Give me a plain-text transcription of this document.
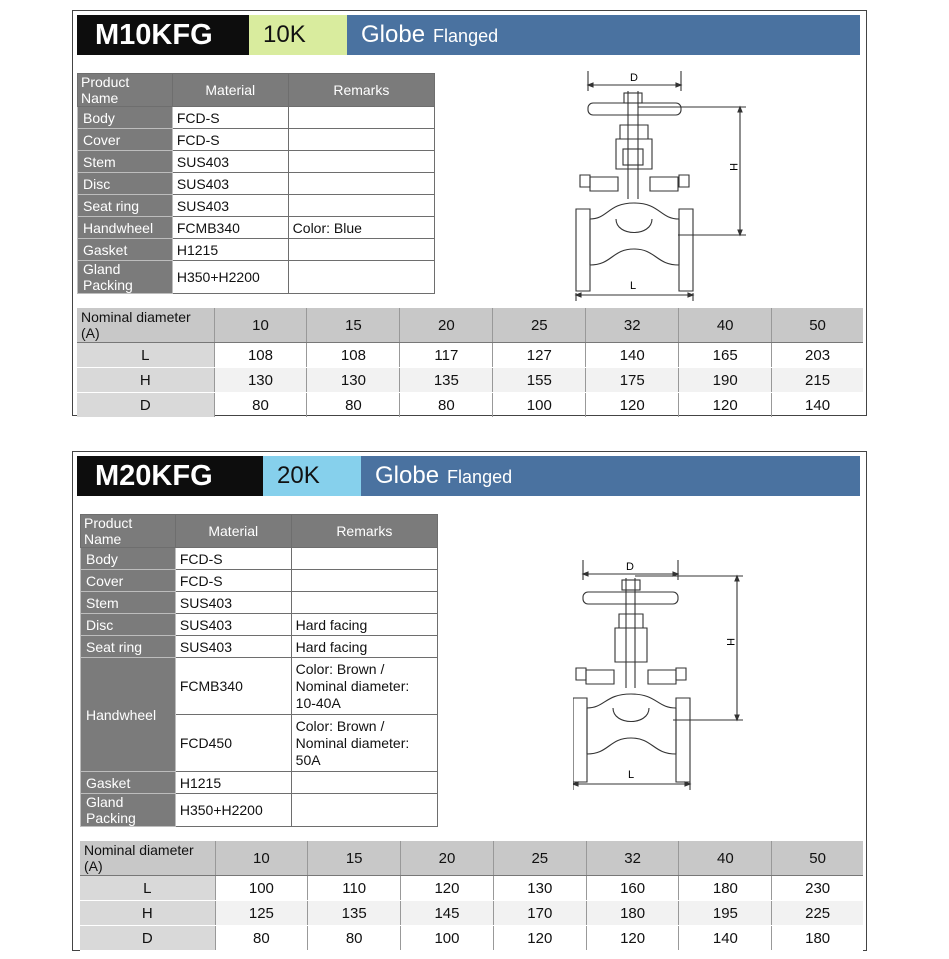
M10KFG	10K	Globe Flanged
Product Name	Material	Remarks
Body	FCD-S	
Cover	FCD-S	
Stem	SUS403	
Disc	SUS403	
Seat ring	SUS403	
Handwheel	FCMB340	Color: Blue
Gasket	H1215	
Gland Packing	H350+H2200	
D
H
L
Nominal diameter (A)	10	15	20	25	32	40	50
L	108	108	117	127	140	165	203
H	130	130	135	155	175	190	215
D	80	80	80	100	120	120	140
M20KFG	20K	Globe Flanged
Product Name	Material	Remarks
Body	FCD-S	
Cover	FCD-S	
Stem	SUS403	
Disc	SUS403	Hard facing
Seat ring	SUS403	Hard facing
Handwheel	FCMB340	Color: Brown /
Nominal diameter:
10-40A

	FCD450	Color: Brown /
Nominal diameter:
50A

Gasket	H1215	
Gland Packing	H350+H2200	
D
H
L
Nominal diameter (A)	10	15	20	25	32	40	50
L	100	110	120	130	160	180	230
H	125	135	145	170	180	195	225
D	80	80	100	120	120	140	180
